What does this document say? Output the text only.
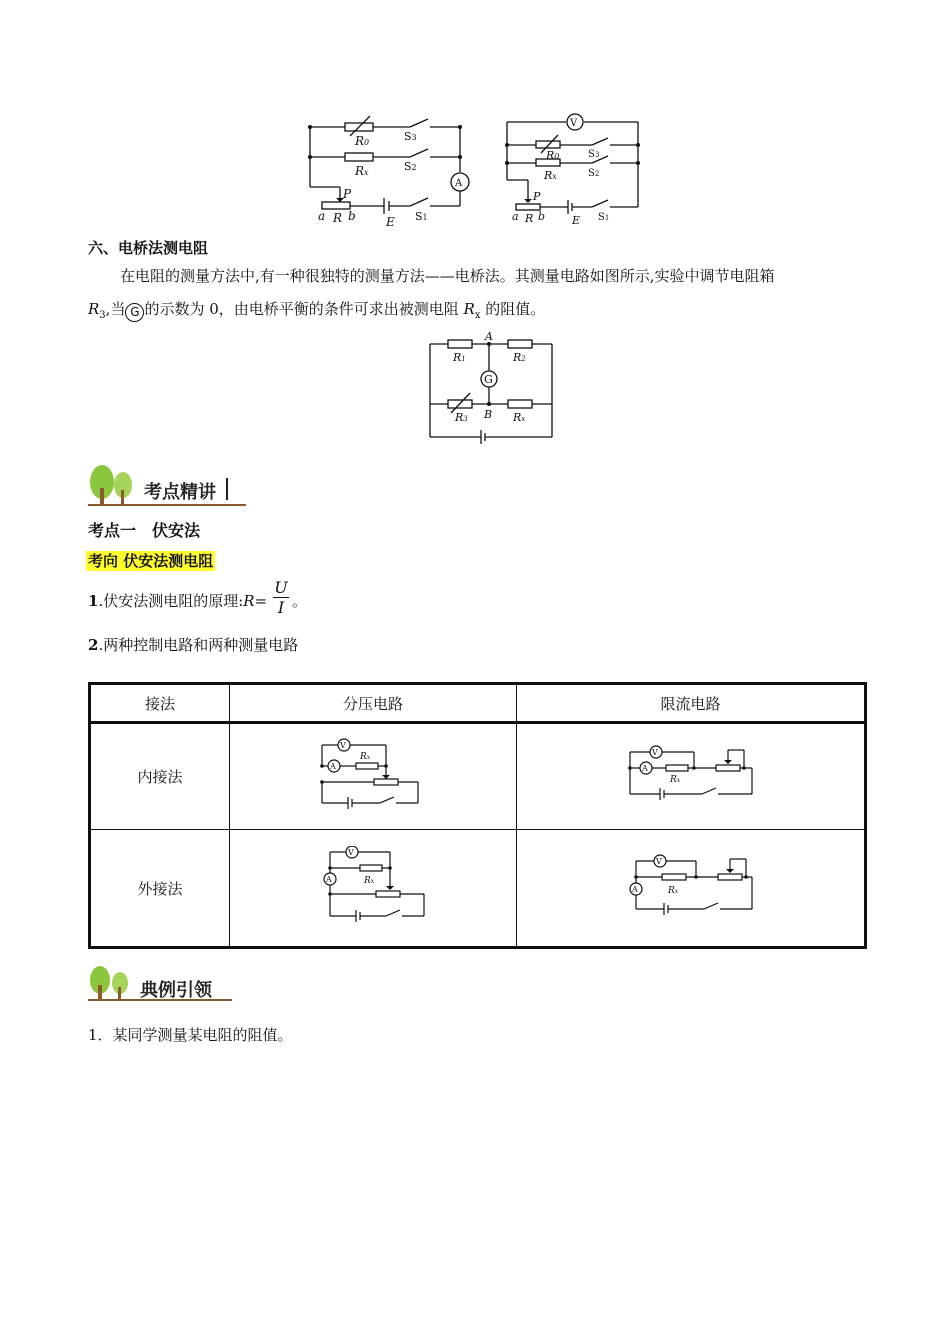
R0
Rx
S3
S2
S1
P
a R b	E
A
V
R0
Rx
S3
S2
S1
P
a R b E
六、电桥法测电阻
在电阻的测量方法中,有一种很独特的测量方法——电桥法。其测量电路如图所示,实验中调节电阻箱
$R_3$,当 G 的示数为 0，由电桥平衡的条件可求出被测电阻 $R_x$ 的阻值。
A
B
G
R1	R2
R3	Rx
考点精讲
考点一　伏安法
考向 伏安法测电阻
1.伏安法测电阻的原理:R=
U
I 。
2.两种控制电路和两种测量电路
接法	分压电路	限流电路
内接法	V
A
Rx	V
A
Rx

外接法	V
A Rx	V
A Rx
典例引领
1．某同学测量某电阻的阻值。
